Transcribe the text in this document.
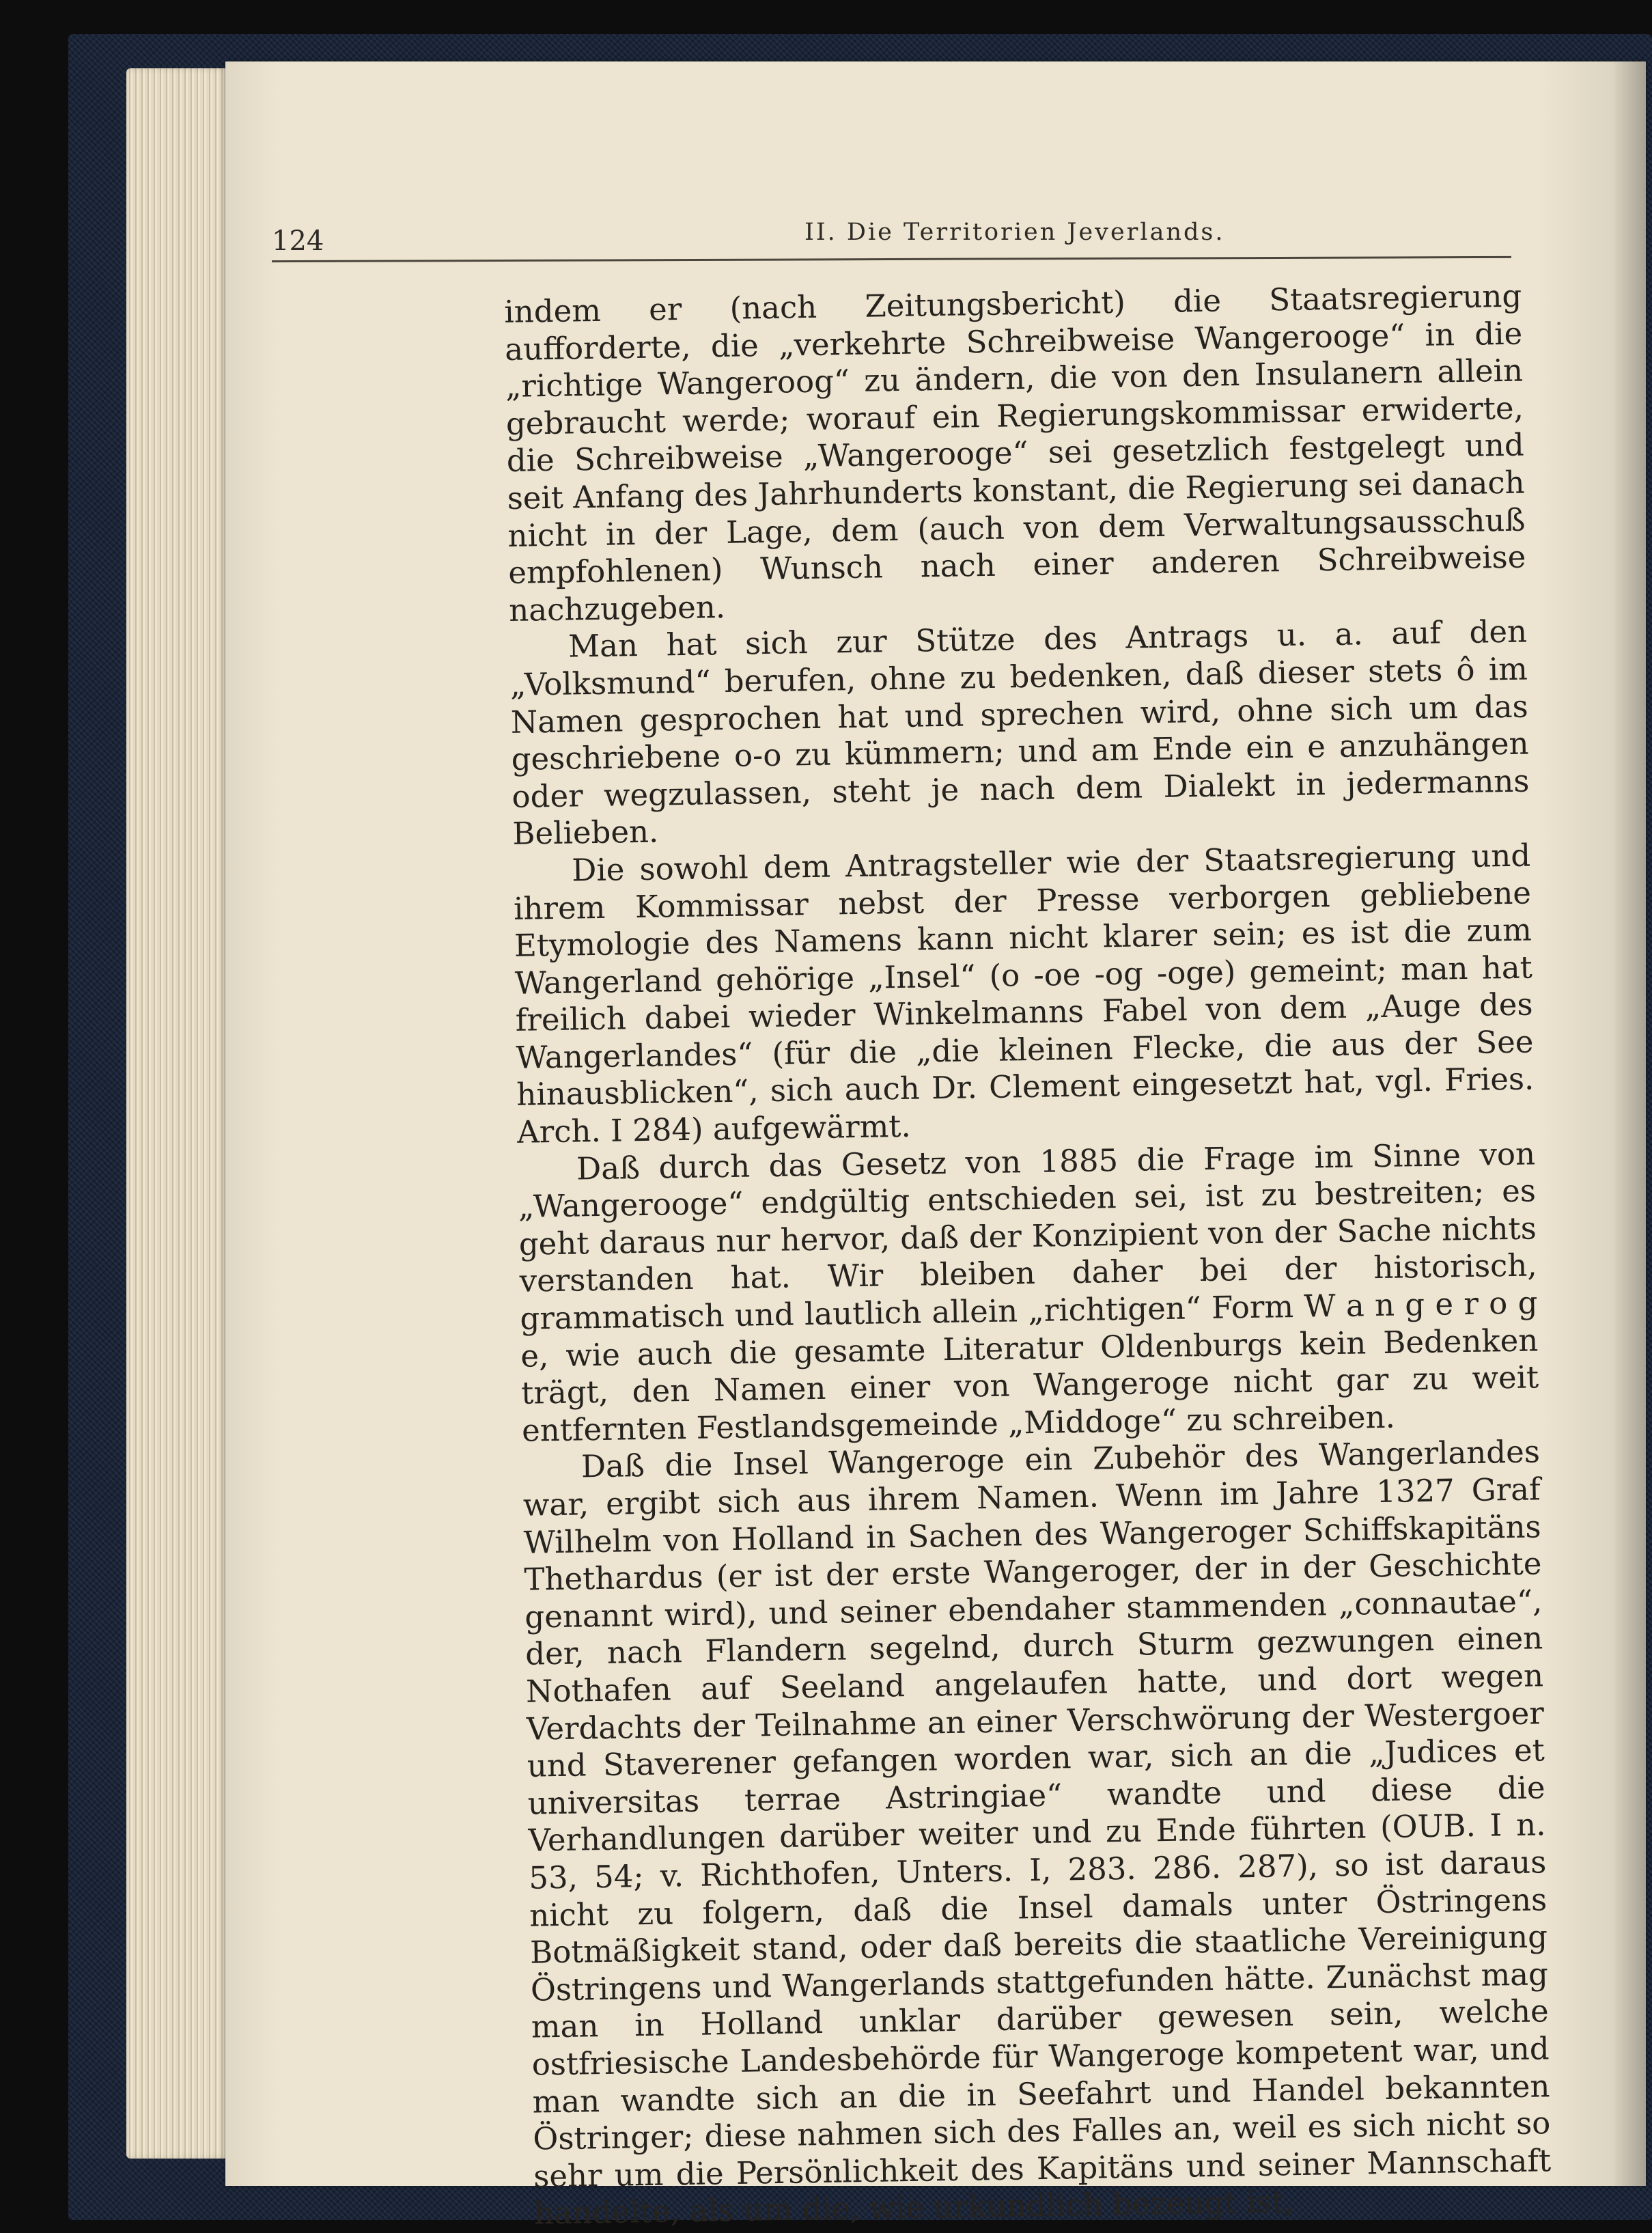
124	II. Die Territorien Jeverlands.

indem er (nach Zeitungsbericht) die Staatsregierung aufforderte, die „verkehrte Schreibweise Wangerooge“ in die „richtige Wangeroog“ zu ändern, die von den Insulanern allein gebraucht werde; worauf ein Regierungskommissar erwiderte, die Schreibweise „Wangerooge“ sei gesetzlich festgelegt und seit Anfang des Jahrhunderts konstant, die Regierung sei danach nicht in der Lage, dem (auch von dem Verwaltungsausschuß empfohlenen) Wunsch nach einer anderen Schreibweise nachzugeben.

Man hat sich zur Stütze des Antrags u. a. auf den „Volksmund“ berufen, ohne zu bedenken, daß dieser stets ô im Namen gesprochen hat und sprechen wird, ohne sich um das geschriebene o-o zu kümmern; und am Ende ein e anzuhängen oder wegzulassen, steht je nach dem Dialekt in jedermanns Belieben.

Die sowohl dem Antragsteller wie der Staatsregierung und ihrem Kommissar nebst der Presse verborgen gebliebene Etymologie des Namens kann nicht klarer sein; es ist die zum Wangerland gehörige „Insel“ (o -oe -og -oge) gemeint; man hat freilich dabei wieder Winkelmanns Fabel von dem „Auge des Wangerlandes“ (für die „die kleinen Flecke, die aus der See hinausblicken“, sich auch Dr. Clement eingesetzt hat, vgl. Fries. Arch. I 284) aufgewärmt.

Daß durch das Gesetz von 1885 die Frage im Sinne von „Wangerooge“ endgültig entschieden sei, ist zu bestreiten; es geht daraus nur hervor, daß der Konzipient von der Sache nichts verstanden hat. Wir bleiben daher bei der historisch, grammatisch und lautlich allein „richtigen“ Form W a n g e r o g e, wie auch die gesamte Literatur Oldenburgs kein Bedenken trägt, den Namen einer von Wangeroge nicht gar zu weit entfernten Festlandsgemeinde „Middoge“ zu schreiben.

Daß die Insel Wangeroge ein Zubehör des Wangerlandes war, ergibt sich aus ihrem Namen. Wenn im Jahre 1327 Graf Wilhelm von Holland in Sachen des Wangeroger Schiffskapitäns Thethardus (er ist der erste Wangeroger, der in der Geschichte genannt wird), und seiner ebendaher stammenden „connautae“, der, nach Flandern segelnd, durch Sturm gezwungen einen Nothafen auf Seeland angelaufen hatte, und dort wegen Verdachts der Teilnahme an einer Verschwörung der Westergoer und Staverener gefangen worden war, sich an die „Judices et universitas terrae Astringiae“ wandte und diese die Verhandlungen darüber weiter und zu Ende führten (OUB. I n. 53, 54; v. Richthofen, Unters. I, 283. 286. 287), so ist daraus nicht zu folgern, daß die Insel damals unter Östringens Botmäßigkeit stand, oder daß bereits die staatliche Vereinigung Östringens und Wangerlands stattgefunden hätte. Zunächst mag man in Holland unklar darüber gewesen sein, welche ostfriesische Landesbehörde für Wangeroge kompetent war, und man wandte sich an die in Seefahrt und Handel bekannten Östringer; diese nahmen sich des Falles an, weil es sich nicht so sehr um die Persönlichkeit des Kapitäns und seiner Mannschaft handelte, als um die, wie urkundlich bezeugt ist,
